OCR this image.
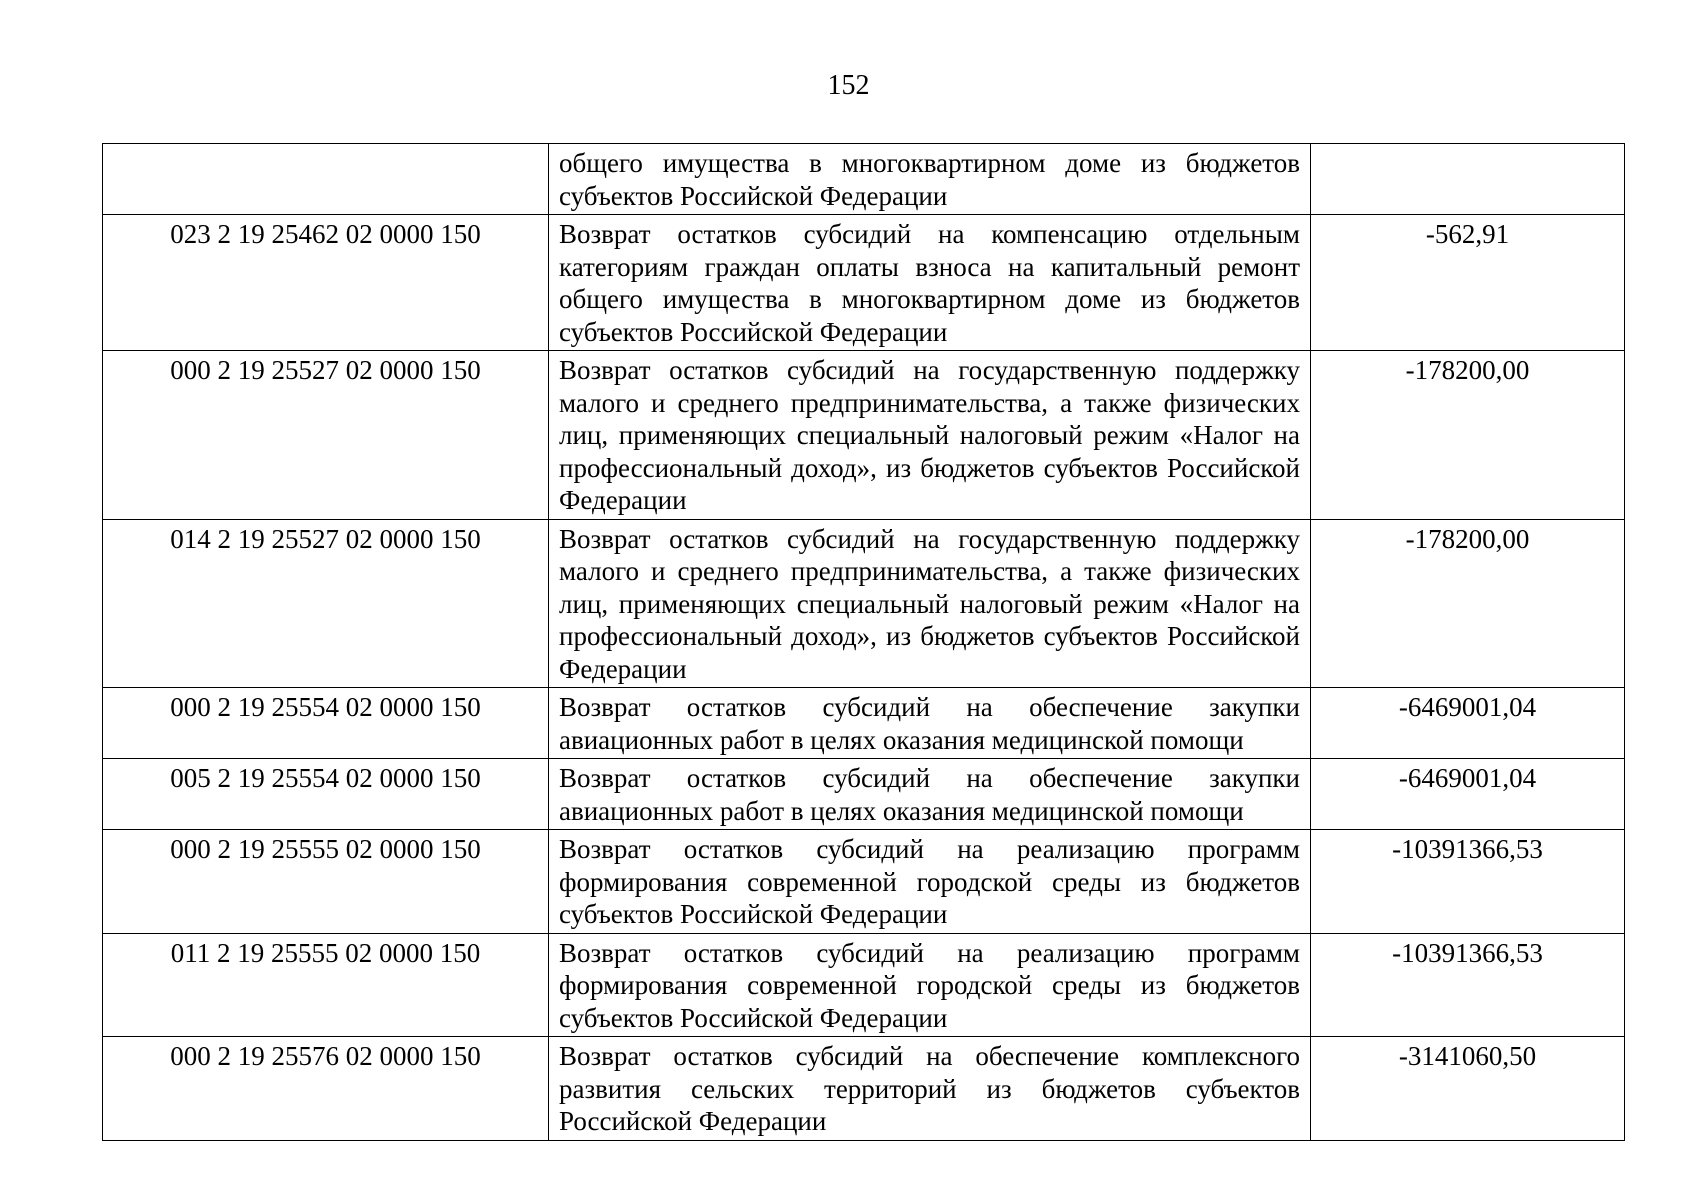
152
	общего имущества в многоквартирном доме из бюджетов субъектов Российской Федерации	
023 2 19 25462 02 0000 150	Возврат остатков субсидий на компенсацию отдельным категориям граждан оплаты взноса на капитальный ремонт общего имущества в многоквартирном доме из бюджетов субъектов Российской Федерации	-562,91
000 2 19 25527 02 0000 150	Возврат остатков субсидий на государственную поддержку малого и среднего предпринимательства, а также физических лиц, применяющих специальный налоговый режим «Налог на профессиональный доход», из бюджетов субъектов Российской Федерации	-178200,00
014 2 19 25527 02 0000 150	Возврат остатков субсидий на государственную поддержку малого и среднего предпринимательства, а также физических лиц, применяющих специальный налоговый режим «Налог на профессиональный доход», из бюджетов субъектов Российской Федерации	-178200,00
000 2 19 25554 02 0000 150	Возврат остатков субсидий на обеспечение закупки авиационных работ в целях оказания медицинской помощи	-6469001,04
005 2 19 25554 02 0000 150	Возврат остатков субсидий на обеспечение закупки авиационных работ в целях оказания медицинской помощи	-6469001,04
000 2 19 25555 02 0000 150	Возврат остатков субсидий на реализацию программ формирования современной городской среды из бюджетов субъектов Российской Федерации	-10391366,53
011 2 19 25555 02 0000 150	Возврат остатков субсидий на реализацию программ формирования современной городской среды из бюджетов субъектов Российской Федерации	-10391366,53
000 2 19 25576 02 0000 150	Возврат остатков субсидий на обеспечение комплексного развития сельских территорий из бюджетов субъектов Российской Федерации	-3141060,50
